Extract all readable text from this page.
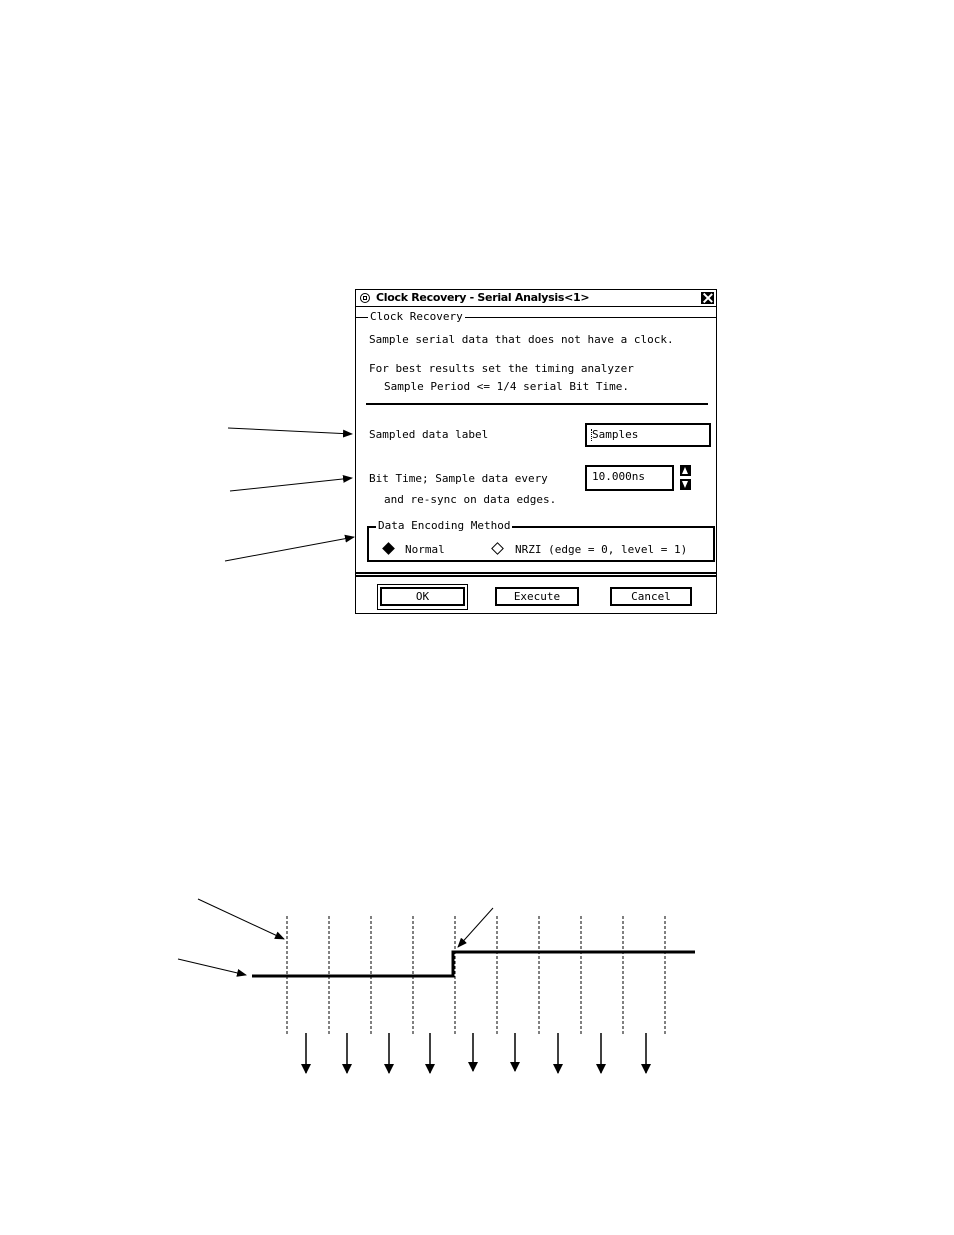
Clock Recovery - Serial Analysis<1>
Clock Recovery
Sample serial data that does not have a clock.
For best results set the timing analyzer
Sample Period <= 1/4 serial Bit Time.
Sampled data label	Samples
Bit Time; Sample data every
and re-sync on data edges.
10.000ns
Data Encoding Method
Normal	NRZI (edge = 0, level = 1)
OK	Execute	Cancel
